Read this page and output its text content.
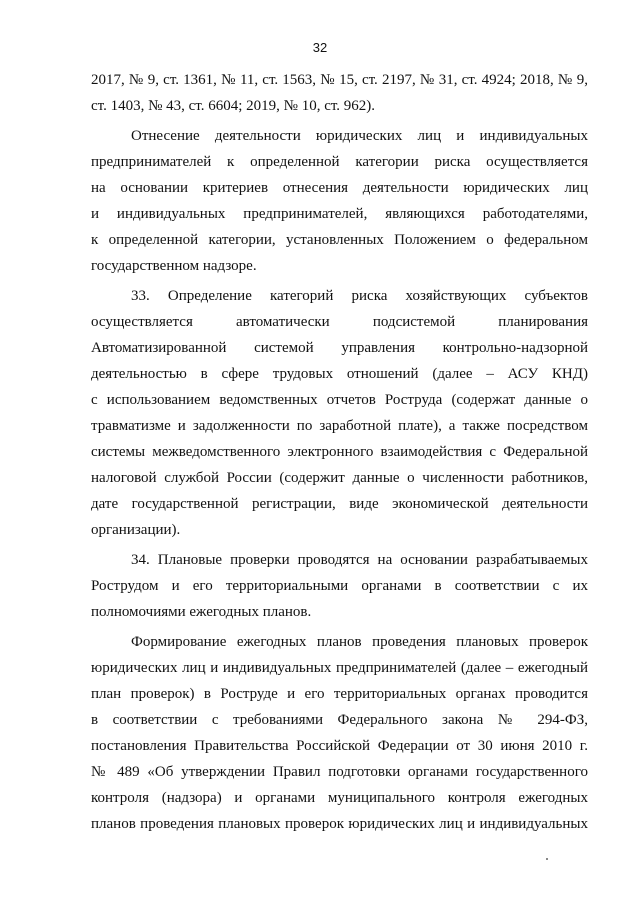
32
2017, № 9, ст. 1361, № 11, ст. 1563, № 15, ст. 2197, № 31, ст. 4924; 2018, № 9,
ст. 1403, № 43, ст. 6604; 2019, № 10, ст. 962).
Отнесение деятельности юридических лиц и индивидуальных
предпринимателей к определенной категории риска осуществляется
на основании критериев отнесения деятельности юридических лиц
и индивидуальных предпринимателей, являющихся работодателями,
к определенной категории, установленных Положением о федеральном
государственном надзоре.
33. Определение категорий риска хозяйствующих субъектов
осуществляется автоматически подсистемой планирования
Автоматизированной системой управления контрольно-надзорной
деятельностью в сфере трудовых отношений (далее – АСУ КНД)
с использованием ведомственных отчетов Роструда (содержат данные о
травматизме и задолженности по заработной плате), а также посредством
системы межведомственного электронного взаимодействия с Федеральной
налоговой службой России (содержит данные о численности работников,
дате государственной регистрации, виде экономической деятельности
организации).
34. Плановые проверки проводятся на основании разрабатываемых
Рострудом и его территориальными органами в соответствии с их
полномочиями ежегодных планов.
Формирование ежегодных планов проведения плановых проверок
юридических лиц и индивидуальных предпринимателей (далее – ежегодный
план проверок) в Роструде и его территориальных органах проводится
в соответствии с требованиями Федерального закона № 294-ФЗ,
постановления Правительства Российской Федерации от 30 июня 2010 г.
№ 489 «Об утверждении Правил подготовки органами государственного
контроля (надзора) и органами муниципального контроля ежегодных
планов проведения плановых проверок юридических лиц и индивидуальных
